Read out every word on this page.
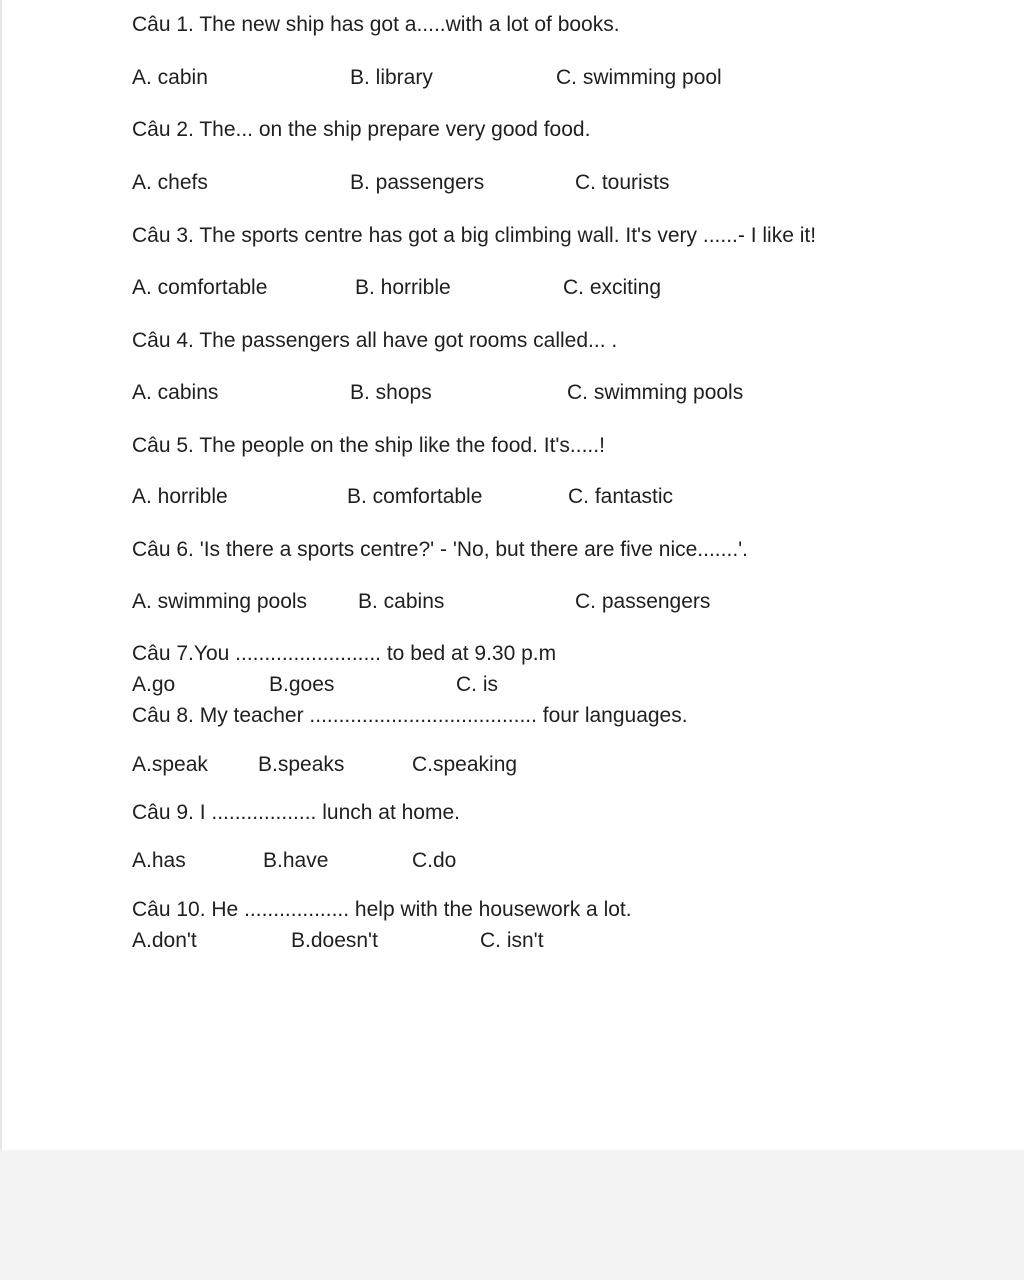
Câu 1. The new ship has got a.....with a lot of books.
A. cabin	B. library	C. swimming pool
Câu 2. The... on the ship prepare very good food.
A. chefs	B. passengers	C. tourists
Câu 3. The sports centre has got a big climbing wall. It's very ......- I like it!
A. comfortable	B. horrible	C. exciting
Câu 4. The passengers all have got rooms called... .
A. cabins	B. shops	C. swimming pools
Câu 5. The people on the ship like the food. It's.....!
A. horrible	B. comfortable	C. fantastic
Câu 6. 'Is there a sports centre?' - 'No, but there are five nice.......'.
A. swimming pools B. cabins	C. passengers
Câu 7.You ......................... to bed at 9.30 p.m
A.go	B.goes	C. is
Câu 8. My teacher ....................................... four languages.
A.speak B.speaks	C.speaking
Câu 9. I .................. lunch at home.
A.has	B.have	C.do
Câu 10. He .................. help with the housework a lot.
A.don't	B.doesn't	C. isn't
